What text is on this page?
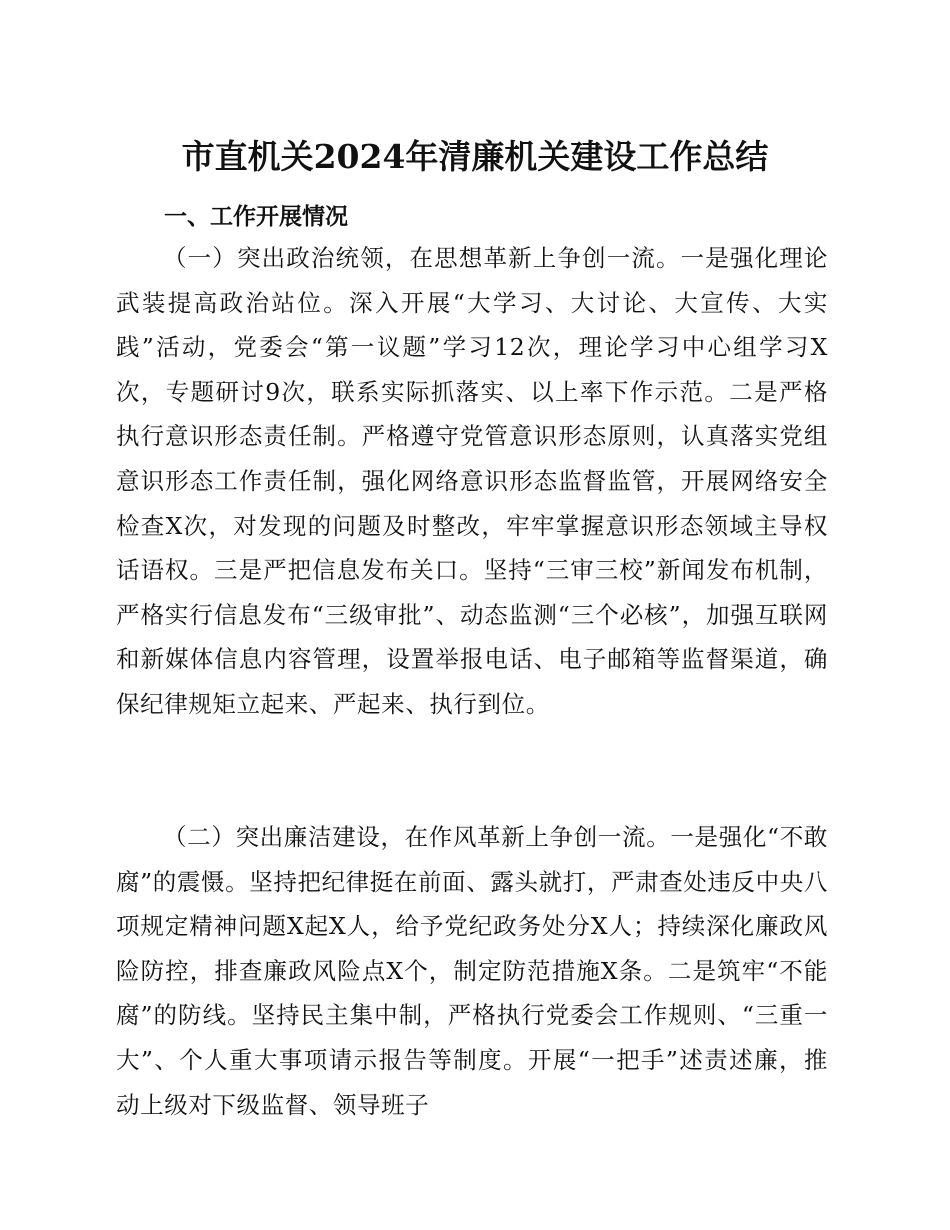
市直机关2024年清廉机关建设工作总结
一、工作开展情况

（一）突出政治统领，在思想革新上争创一流。一是强化理论武装提高政治站位。深入开展“大学习、大讨论、大宣传、大实践”活动，党委会“第一议题”学习12次，理论学习中心组学习X次，专题研讨9次，联系实际抓落实、以上率下作示范。二是严格执行意识形态责任制。严格遵守党管意识形态原则，认真落实党组意识形态工作责任制，强化网络意识形态监督监管，开展网络安全检查X次，对发现的问题及时整改，牢牢掌握意识形态领域主导权话语权。三是严把信息发布关口。坚持“三审三校”新闻发布机制，严格实行信息发布“三级审批”、动态监测“三个必核”，加强互联网和新媒体信息内容管理，设置举报电话、电子邮箱等监督渠道，确保纪律规矩立起来、严起来、执行到位。

（二）突出廉洁建设，在作风革新上争创一流。一是强化“不敢腐”的震慑。坚持把纪律挺在前面、露头就打，严肃查处违反中央八项规定精神问题X起X人，给予党纪政务处分X人；持续深化廉政风险防控，排查廉政风险点X个，制定防范措施X条。二是筑牢“不能腐”的防线。坚持民主集中制，严格执行党委会工作规则、“三重一大”、个人重大事项请示报告等制度。开展“一把手”述责述廉，推动上级对下级监督、领导班子
